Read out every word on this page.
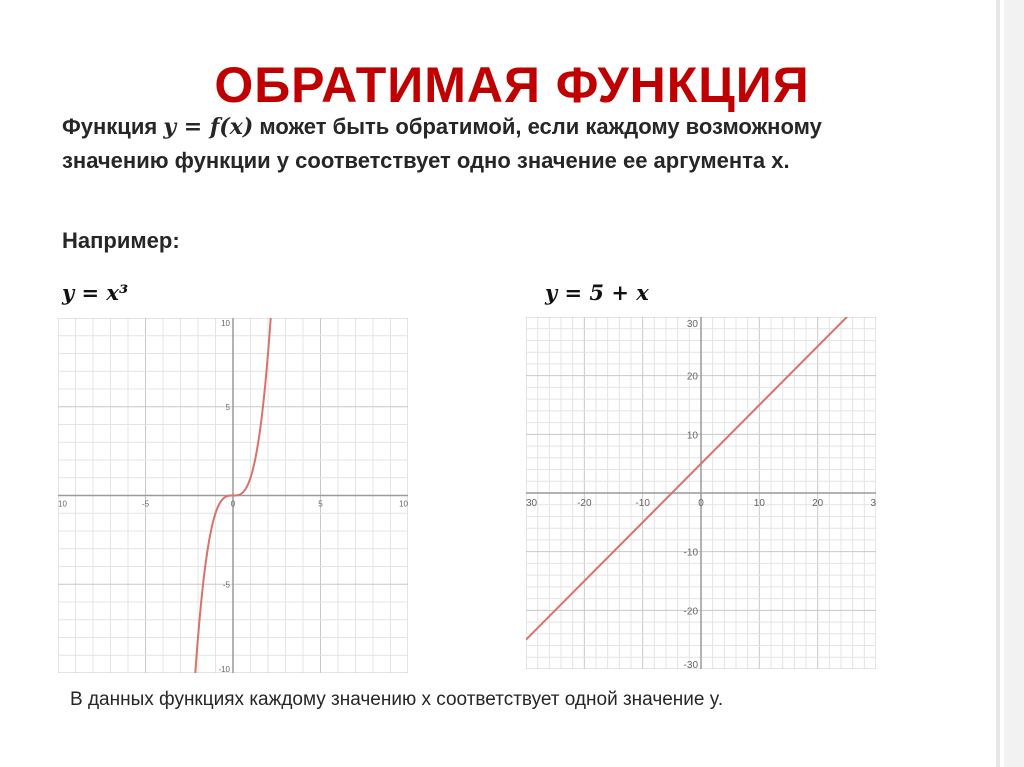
ОБРАТИМАЯ ФУНКЦИЯ
Функция y = f(x) может быть обратимой, если каждому возможному значению функции y соответствует одно значение ее аргумента x.
Например:
y = x³	y = 5 + x
10	-5	0	5	10
10
5
-5
-10
30	-20	-10	0	10	20	3
30
20
10
-10
-20
-30
В данных функциях каждому значению x соответствует одной значение y.
